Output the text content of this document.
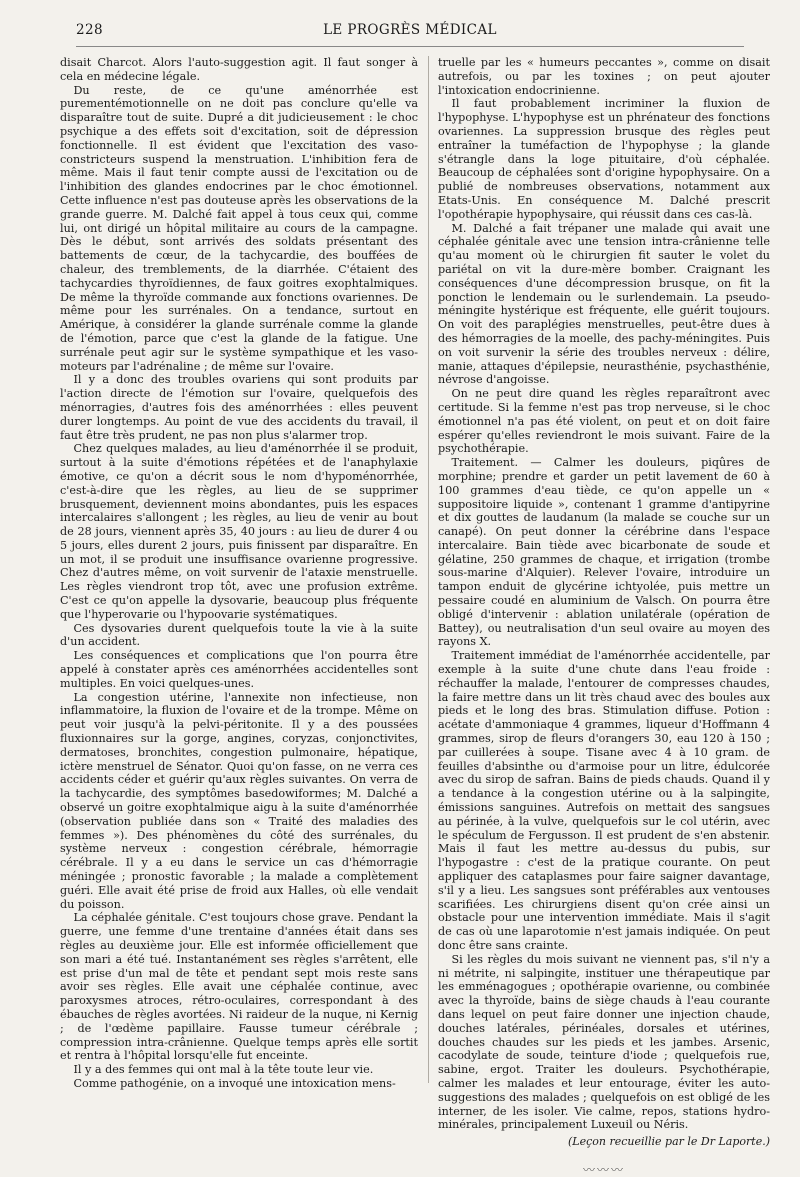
228	LE PROGRÈS MÉDICAL

disait Charcot. Alors l'auto-suggestion agit. Il faut songer à cela en médecine légale.

Du reste, de ce qu'une aménorrhée est purementémotionnelle on ne doit pas conclure qu'elle va disparaître tout de suite. Dupré a dit judicieusement : le choc psychique a des effets soit d'excitation, soit de dépression fonctionnelle. Il est évident que l'excitation des vaso-constricteurs suspend la menstruation. L'inhibition fera de même. Mais il faut tenir compte aussi de l'excitation ou de l'inhibition des glandes endocrines par le choc émotionnel. Cette influence n'est pas douteuse après les observations de la grande guerre. M. Dalché fait appel à tous ceux qui, comme lui, ont dirigé un hôpital militaire au cours de la campagne. Dès le début, sont arrivés des soldats présentant des battements de cœur, de la tachycardie, des bouffées de chaleur, des tremblements, de la diarrhée. C'étaient des tachycardies thyroïdiennes, de faux goitres exophtalmiques. De même la thyroïde commande aux fonctions ovariennes. De même pour les surrénales. On a tendance, surtout en Amérique, à considérer la glande surrénale comme la glande de l'émotion, parce que c'est la glande de la fatigue. Une surrénale peut agir sur le système sympathique et les vaso-moteurs par l'adrénaline ; de même sur l'ovaire.

Il y a donc des troubles ovariens qui sont produits par l'action directe de l'émotion sur l'ovaire, quelquefois des ménorragies, d'autres fois des aménorrhées : elles peuvent durer longtemps. Au point de vue des accidents du travail, il faut être très prudent, ne pas non plus s'alarmer trop.

Chez quelques malades, au lieu d'aménorrhée il se produit, surtout à la suite d'émotions répétées et de l'anaphylaxie émotive, ce qu'on a décrit sous le nom d'hypoménorrhée, c'est-à-dire que les règles, au lieu de se supprimer brusquement, deviennent moins abondantes, puis les espaces intercalaires s'allongent ; les règles, au lieu de venir au bout de 28 jours, viennent après 35, 40 jours : au lieu de durer 4 ou 5 jours, elles durent 2 jours, puis finissent par disparaître. En un mot, il se produit une insuffisance ovarienne progressive. Chez d'autres même, on voit survenir de l'ataxie menstruelle. Les règles viendront trop tôt, avec une profusion extrême. C'est ce qu'on appelle la dysovarie, beaucoup plus fréquente que l'hyperovarie ou l'hypoovarie systématiques.

Ces dysovaries durent quelquefois toute la vie à la suite d'un accident.

Les conséquences et complications que l'on pourra être appelé à constater après ces aménorrhées accidentelles sont multiples. En voici quelques-unes.

La congestion utérine, l'annexite non infectieuse, non inflammatoire, la fluxion de l'ovaire et de la trompe. Même on peut voir jusqu'à la pelvi-péritonite. Il y a des poussées fluxionnaires sur la gorge, angines, coryzas, conjonctivites, dermatoses, bronchites, congestion pulmonaire, hépatique, ictère menstruel de Sénator. Quoi qu'on fasse, on ne verra ces accidents céder et guérir qu'aux règles suivantes. On verra de la tachycardie, des symptômes basedowiformes; M. Dalché a observé un goitre exophtalmique aigu à la suite d'aménorrhée (observation publiée dans son « Traité des maladies des femmes »). Des phénomènes du côté des surrénales, du système nerveux : congestion cérébrale, hémorragie cérébrale. Il y a eu dans le service un cas d'hémorragie méningée ; pronostic favorable ; la malade a complètement guéri. Elle avait été prise de froid aux Halles, où elle vendait du poisson.

La céphalée génitale. C'est toujours chose grave. Pendant la guerre, une femme d'une trentaine d'années était dans ses règles au deuxième jour. Elle est informée officiellement que son mari a été tué. Instantanément ses règles s'arrêtent, elle est prise d'un mal de tête et pendant sept mois reste sans avoir ses règles. Elle avait une céphalée continue, avec paroxysmes atroces, rétro-oculaires, correspondant à des ébauches de règles avortées. Ni raideur de la nuque, ni Kernig ; de l'œdème papillaire. Fausse tumeur cérébrale ; compression intra-crânienne. Quelque temps après elle sortit et rentra à l'hôpital lorsqu'elle fut enceinte.

Il y a des femmes qui ont mal à la tête toute leur vie.

Comme pathogénie, on a invoqué une intoxication mens-

truelle par les « humeurs peccantes », comme on disait autrefois, ou par les toxines ; on peut ajouter l'intoxication endocrinienne.

Il faut probablement incriminer la fluxion de l'hypophyse. L'hypophyse est un phrénateur des fonctions ovariennes. La suppression brusque des règles peut entraîner la tuméfaction de l'hypophyse ; la glande s'étrangle dans la loge pituitaire, d'où céphalée. Beaucoup de céphalées sont d'origine hypophysaire. On a publié de nombreuses observations, notamment aux Etats-Unis. En conséquence M. Dalché prescrit l'opothérapie hypophysaire, qui réussit dans ces cas-là.

M. Dalché a fait trépaner une malade qui avait une céphalée génitale avec une tension intra-crânienne telle qu'au moment où le chirurgien fit sauter le volet du pariétal on vit la dure-mère bomber. Craignant les conséquences d'une décompression brusque, on fit la ponction le lendemain ou le surlendemain. La pseudo-méningite hystérique est fréquente, elle guérit toujours. On voit des paraplégies menstruelles, peut-être dues à des hémorragies de la moelle, des pachy-méningites. Puis on voit survenir la série des troubles nerveux : délire, manie, attaques d'épilepsie, neurasthénie, psychasthénie, névrose d'angoisse.

On ne peut dire quand les règles reparaîtront avec certitude. Si la femme n'est pas trop nerveuse, si le choc émotionnel n'a pas été violent, on peut et on doit faire espérer qu'elles reviendront le mois suivant. Faire de la psychothérapie.

Traitement. — Calmer les douleurs, piqûres de morphine; prendre et garder un petit lavement de 60 à 100 grammes d'eau tiède, ce qu'on appelle un « suppositoire liquide », contenant 1 gramme d'antipyrine et dix gouttes de laudanum (la malade se couche sur un canapé). On peut donner la cérébrine dans l'espace intercalaire. Bain tiède avec bicarbonate de soude et gélatine, 250 grammes de chaque, et irrigation (trombe sous-marine d'Alquier). Relever l'ovaire, introduire un tampon enduit de glycérine ichtyolée, puis mettre un pessaire coudé en aluminium de Valsch. On pourra être obligé d'intervenir : ablation unilatérale (opération de Battey), ou neutralisation d'un seul ovaire au moyen des rayons X.

Traitement immédiat de l'aménorrhée accidentelle, par exemple à la suite d'une chute dans l'eau froide : réchauffer la malade, l'entourer de compresses chaudes, la faire mettre dans un lit très chaud avec des boules aux pieds et le long des bras. Stimulation diffuse. Potion : acétate d'ammoniaque 4 grammes, liqueur d'Hoffmann 4 grammes, sirop de fleurs d'orangers 30, eau 120 à 150 ; par cuillerées à soupe. Tisane avec 4 à 10 gram. de feuilles d'absinthe ou d'armoise pour un litre, édulcorée avec du sirop de safran. Bains de pieds chauds. Quand il y a tendance à la congestion utérine ou à la salpingite, émissions sanguines. Autrefois on mettait des sangsues au périnée, à la vulve, quelquefois sur le col utérin, avec le spéculum de Fergusson. Il est prudent de s'en abstenir. Mais il faut les mettre au-dessus du pubis, sur l'hypogastre : c'est de la pratique courante. On peut appliquer des cataplasmes pour faire saigner davantage, s'il y a lieu. Les sangsues sont préférables aux ventouses scarifiées. Les chirurgiens disent qu'on crée ainsi un obstacle pour une intervention immédiate. Mais il s'agit de cas où une laparotomie n'est jamais indiquée. On peut donc être sans crainte.

Si les règles du mois suivant ne viennent pas, s'il n'y a ni métrite, ni salpingite, instituer une thérapeutique par les emménagogues ; opothérapie ovarienne, ou combinée avec la thyroïde, bains de siège chauds à l'eau courante dans lequel on peut faire donner une injection chaude, douches latérales, périnéales, dorsales et utérines, douches chaudes sur les pieds et les jambes. Arsenic, cacodylate de soude, teinture d'iode ; quelquefois rue, sabine, ergot. Traiter les douleurs. Psychothérapie, calmer les malades et leur entourage, éviter les auto-suggestions des malades ; quelquefois on est obligé de les interner, de les isoler. Vie calme, repos, stations hydro-minérales, principalement Luxeuil ou Néris.

(Leçon recueillie par le Dr Laporte.)
〰〰〰
